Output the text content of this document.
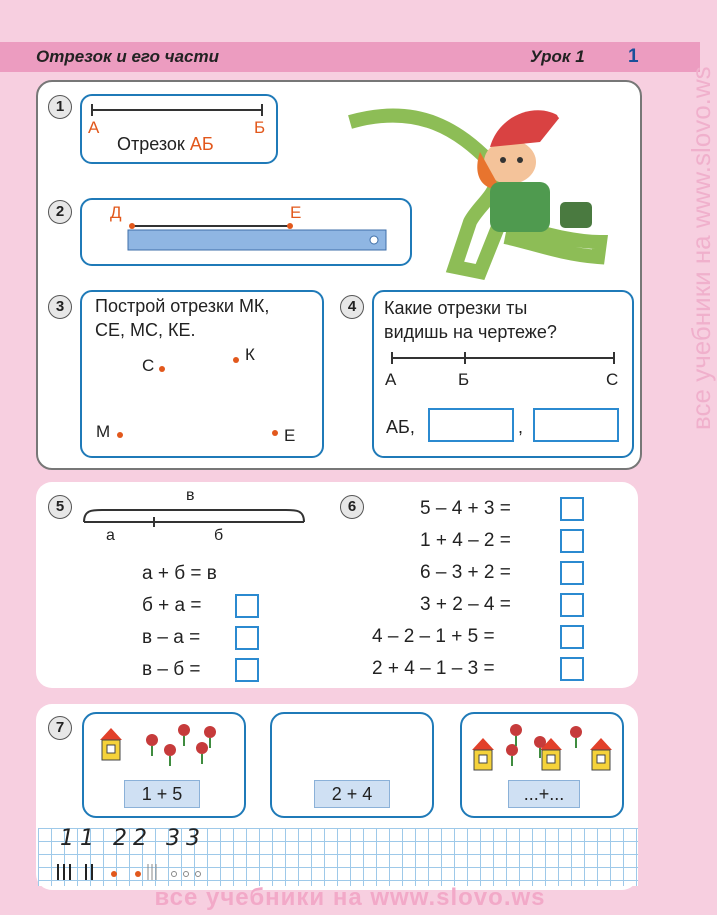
Отрезок и его части	Урок 1 1
1
А	Б
Отрезок АБ
2	Д	Е
3	Построй отрезки МК,
СЕ, МС, КЕ.
С
К
М	Е
4	Какие отрезки ты
видишь на чертеже?
А	Б	С
АБ,	,
5
в
а	б
а + б = в
б + а =
в – а =
в – б =
6	5 – 4 + 3 =
1 + 4 – 2 =
6 – 3 + 2 =
3 + 2 – 4 =
4 – 2 – 1 + 5 =
2 + 4 – 1 – 3 =
7
1 + 5	2 + 4	...+...
11 22 33
все учебники на www.slovo.ws
все учебники на www.slovo.ws
